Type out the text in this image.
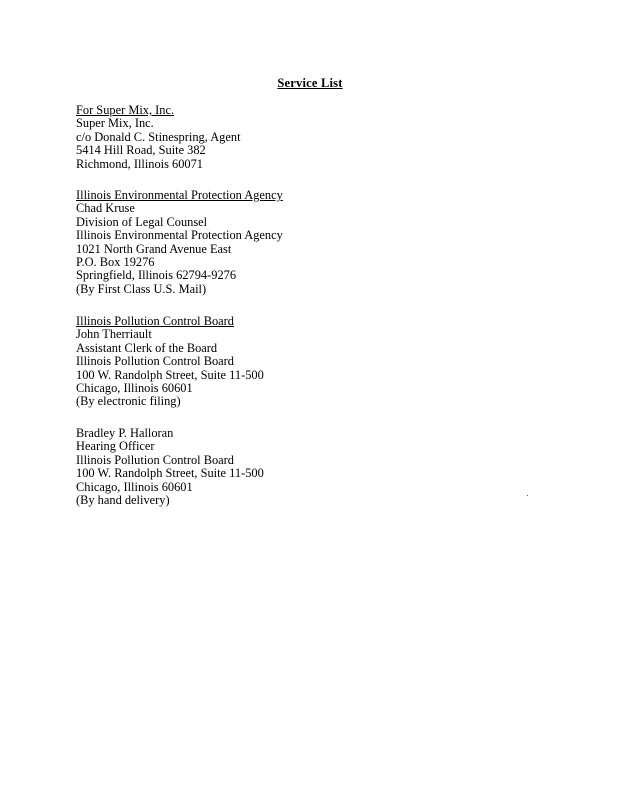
Service List
For Super Mix, Inc.
Super Mix, Inc.
c/o Donald C. Stinespring, Agent
5414 Hill Road, Suite 382
Richmond, Illinois 60071
Illinois Environmental Protection Agency
Chad Kruse
Division of Legal Counsel
Illinois Environmental Protection Agency
1021 North Grand Avenue East
P.O. Box 19276
Springfield, Illinois 62794-9276
(By First Class U.S. Mail)
Illinois Pollution Control Board
John Therriault
Assistant Clerk of the Board
Illinois Pollution Control Board
100 W. Randolph Street, Suite 11-500
Chicago, Illinois 60601
(By electronic filing)
Bradley P. Halloran
Hearing Officer
Illinois Pollution Control Board
100 W. Randolph Street, Suite 11-500
Chicago, Illinois 60601
(By hand delivery)
